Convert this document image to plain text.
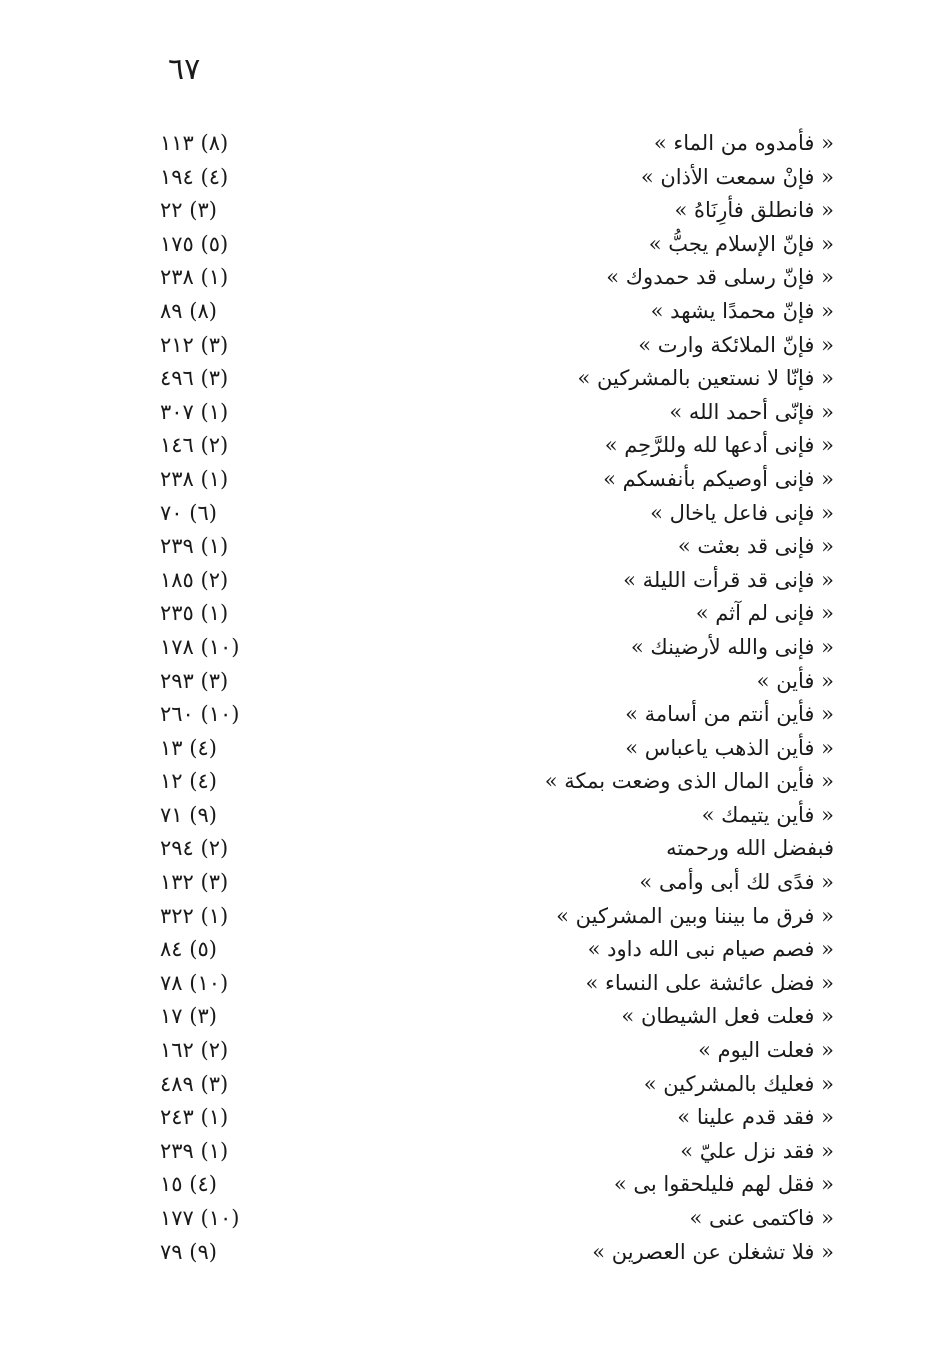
٦٧
« فأمدوه من الماء »
(٨) ١١٣
« فإنْ سمعت الأذان »
(٤) ١٩٤
« فانطلق فأرِنَاهُ »
(٣) ٢٢
« فإنّ الإسلام يجبُّ »
(٥) ١٧٥
« فإنّ رسلى قد حمدوك »
(١) ٢٣٨
« فإنّ محمدًا يشهد »
(٨) ٨٩
« فإنّ الملائكة وارت »
(٣) ٢١٢
« فإنّا لا نستعين بالمشركين »
(٣) ٤٩٦
« فإنّى أحمد الله »
(١) ٣٠٧
« فإنى أدعها لله وللرَّحِم »
(٢) ١٤٦
« فإنى أوصيكم بأنفسكم »
(١) ٢٣٨
« فإنى فاعل ياخال »
(٦) ٧٠
« فإنى قد بعثت »
(١) ٢٣٩
« فإنى قد قرأت الليلة »
(٢) ١٨٥
« فإنى لم آثم »
(١) ٢٣٥
« فإنى والله لأرضينك »
(١٠) ١٧٨
« فأين »
(٣) ٢٩٣
« فأين أنتم من أسامة »
(١٠) ٢٦٠
« فأين الذهب ياعباس »
(٤) ١٣
« فأين المال الذى وضعت بمكة »
(٤) ١٢
« فأين يتيمك »
(٩) ٧١
فبفضل الله ورحمته
(٢) ٢٩٤
« فدًى لك أبى وأمى »
(٣) ١٣٢
« فرق ما بيننا وبين المشركين »
(١) ٣٢٢
« فصم صيام نبى الله داود »
(٥) ٨٤
« فضل عائشة على النساء »
(١٠) ٧٨
« فعلت فعل الشيطان »
(٣) ١٧
« فعلت اليوم »
(٢) ١٦٢
« فعليك بالمشركين »
(٣) ٤٨٩
« فقد قدم علينا »
(١) ٢٤٣
« فقد نزل عليّ »
(١) ٢٣٩
« فقل لهم فليلحقوا بى »
(٤) ١٥
« فاكتمى عنى »
(١٠) ١٧٧
« فلا تشغلن عن العصرين »
(٩) ٧٩
